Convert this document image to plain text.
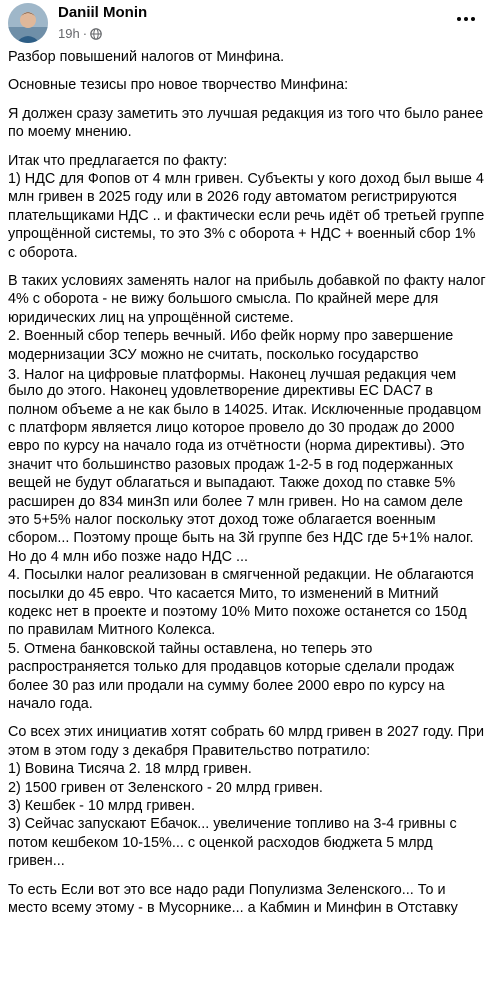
Daniil Monin
19h ·

Разбор повышений налогов от Минфина.

Основные тезисы про новое творчество Минфина:

Я должен сразу заметить это лучшая редакция из того что было ранее по моему мнению.

Итак что предлагается по факту:
1) НДС для Фопов от 4 млн гривен. Субъекты у кого доход был выше 4 млн гривен в 2025 году или в 2026 году автоматом регистрируются плательщиками НДС .. и фактически если речь идёт об третьей группе упрощённой системы, то это 3% с оборота + НДС + военный сбор 1% с оборота.

В таких условиях заменять налог на прибыль добавкой по факту налог 4% с оборота - не вижу большого смысла. По крайней мере для юридических лиц на упрощённой системе.
2. Военный сбор теперь вечный. Ибо фейк норму про завершение модернизации ЗСУ можно не считать, посколько государство

3. Налог на цифровые платформы. Наконец лучшая редакция чем

было до этого. Наконец удовлетворение директивы ЕС DAC7 в полном объеме а не как было в 14025. Итак. Исключенные продавцом с платформ является лицо которое провело до 30 продаж до 2000 евро по курсу на начало года из отчётности (норма директивы). Это значит что большинство разовых продаж 1-2-5 в год подержанных вещей не будут облагаться и выпадают. Также доход по ставке 5% расширен до 834 минЗп или более 7 млн гривен. Но на самом деле это 5+5% налог поскольку этот доход тоже облагается военным сбором... Поэтому проще быть на 3й группе без НДС где 5+1% налог. Но до 4 млн ибо позже надо НДС ...
4. Посылки налог реализован в смягченной редакции. Не облагаются посылки до 45 евро. Что касается Мито, то изменений в Митний кодекс нет в проекте и поэтому 10% Мито похоже останется со 150д по правилам Митного Колекса.
5. Отмена банковской тайны оставлена, но теперь это распространяется только для продавцов которые сделали продаж более 30 раз или продали на сумму более 2000 евро по курсу на начало года.

Со всех этих инициатив хотят собрать 60 млрд гривен в 2027 году. При этом в этом году з декабря Правительство потратило:
1) Вовина Тисяча 2. 18 млрд гривен.
2) 1500 гривен от Зеленского - 20 млрд гривен.
3) Кешбек - 10 млрд гривен.
3) Сейчас запускают Ебачок... увеличение топливо на 3-4 гривны с потом кешбеком 10-15%... с оценкой расходов бюджета 5 млрд гривен...

То есть Если вот это все надо ради Популизма Зеленского... То и место всему этому - в Мусорнике... а Кабмин и Минфин в Отставку
